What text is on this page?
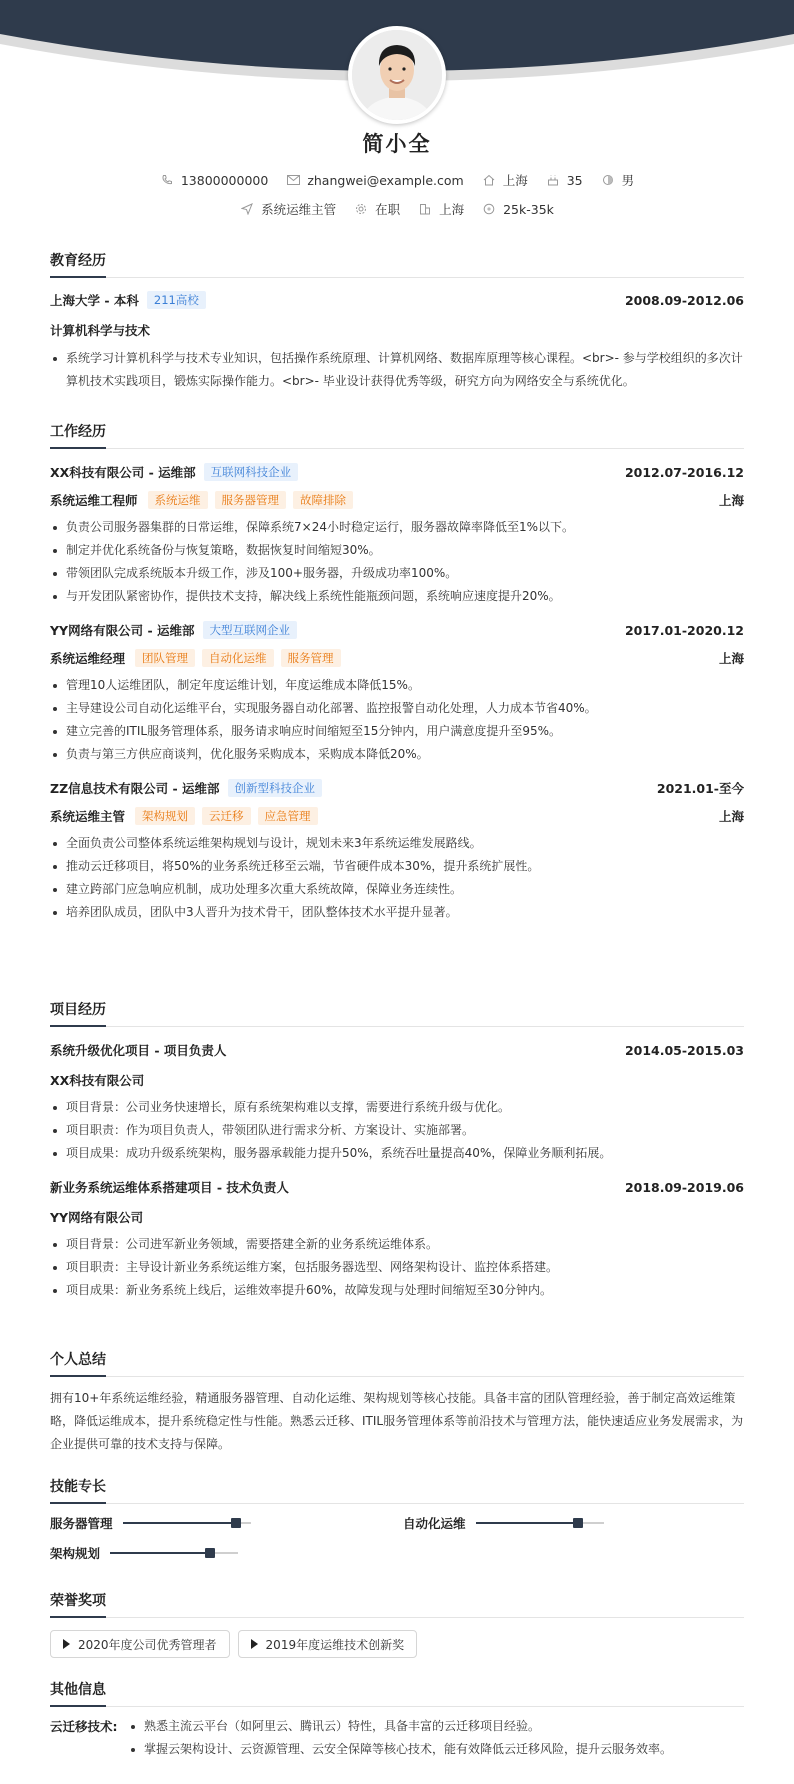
简小全
13800000000	zhangwei@example.com	上海	35	男
系统运维主管	在职	上海	25k-35k
教育经历
上海大学 - 本科	211高校	2008.09-2012.06
计算机科学与技术
系统学习计算机科学与技术专业知识，包括操作系统原理、计算机网络、数据库原理等核心课程。<br>- 参与学校组织的多次计算机技术实践项目，锻炼实际操作能力。<br>- 毕业设计获得优秀等级，研究方向为网络安全与系统优化。
工作经历
XX科技有限公司 - 运维部	互联网科技企业	2012.07-2016.12
系统运维工程师	系统运维	服务器管理	故障排除	上海
负责公司服务器集群的日常运维，保障系统7×24小时稳定运行，服务器故障率降低至1%以下。
制定并优化系统备份与恢复策略，数据恢复时间缩短30%。
带领团队完成系统版本升级工作，涉及100+服务器，升级成功率100%。
与开发团队紧密协作，提供技术支持，解决线上系统性能瓶颈问题，系统响应速度提升20%。
YY网络有限公司 - 运维部	大型互联网企业	2017.01-2020.12
系统运维经理	团队管理	自动化运维	服务管理	上海
管理10人运维团队，制定年度运维计划，年度运维成本降低15%。
主导建设公司自动化运维平台，实现服务器自动化部署、监控报警自动化处理，人力成本节省40%。
建立完善的ITIL服务管理体系，服务请求响应时间缩短至15分钟内，用户满意度提升至95%。
负责与第三方供应商谈判，优化服务采购成本，采购成本降低20%。
ZZ信息技术有限公司 - 运维部	创新型科技企业	2021.01-至今
系统运维主管	架构规划	云迁移	应急管理	上海
全面负责公司整体系统运维架构规划与设计，规划未来3年系统运维发展路线。
推动云迁移项目，将50%的业务系统迁移至云端，节省硬件成本30%，提升系统扩展性。
建立跨部门应急响应机制，成功处理多次重大系统故障，保障业务连续性。
培养团队成员，团队中3人晋升为技术骨干，团队整体技术水平提升显著。
项目经历
系统升级优化项目 - 项目负责人	2014.05-2015.03
XX科技有限公司
项目背景：公司业务快速增长，原有系统架构难以支撑，需要进行系统升级与优化。
项目职责：作为项目负责人，带领团队进行需求分析、方案设计、实施部署。
项目成果：成功升级系统架构，服务器承载能力提升50%，系统吞吐量提高40%，保障业务顺利拓展。
新业务系统运维体系搭建项目 - 技术负责人	2018.09-2019.06
YY网络有限公司
项目背景：公司进军新业务领域，需要搭建全新的业务系统运维体系。
项目职责：主导设计新业务系统运维方案，包括服务器选型、网络架构设计、监控体系搭建。
项目成果：新业务系统上线后，运维效率提升60%，故障发现与处理时间缩短至30分钟内。
个人总结
拥有10+年系统运维经验，精通服务器管理、自动化运维、架构规划等核心技能。具备丰富的团队管理经验，善于制定高效运维策略，降低运维成本，提升系统稳定性与性能。熟悉云迁移、ITIL服务管理体系等前沿技术与管理方法，能快速适应业务发展需求，为企业提供可靠的技术支持与保障。
技能专长
服务器管理	自动化运维
架构规划
荣誉奖项
2020年度公司优秀管理者	2019年度运维技术创新奖
其他信息
云迁移技术:	熟悉主流云平台（如阿里云、腾讯云）特性，具备丰富的云迁移项目经验。
掌握云架构设计、云资源管理、云安全保障等核心技术，能有效降低云迁移风险，提升云服务效率。
